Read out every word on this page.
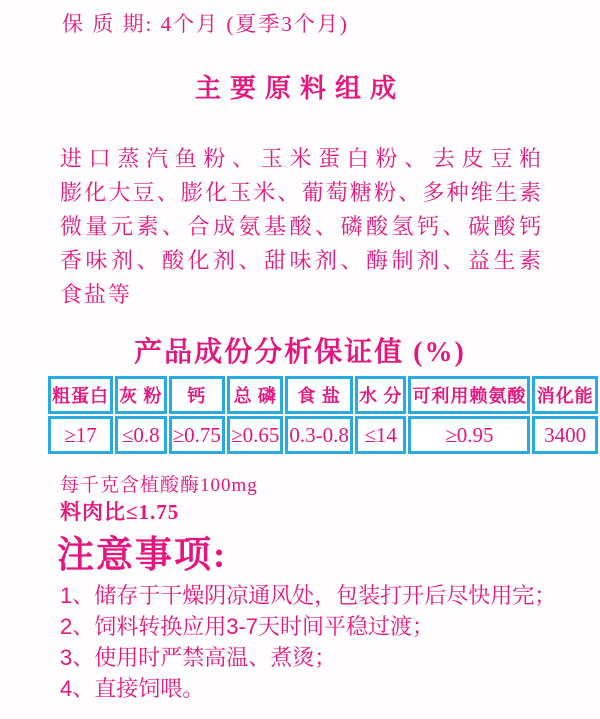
保 质 期: 4个月 (夏季3个月)
主要原料组成
进口蒸汽鱼粉、玉米蛋白粉、去皮豆粕
膨化大豆、膨化玉米、葡萄糖粉、多种维生素
微量元素、合成氨基酸、磷酸氢钙、碳酸钙
香味剂、酸化剂、甜味剂、酶制剂、益生素
食盐等
产品成份分析保证值 (%)
粗蛋白	灰 粉	钙	总 磷	食 盐	水 分	可利用赖氨酸	消化能
≥17	≤0.8	≥0.75	≥0.65	0.3-0.8	≤14	≥0.95	3400
每千克含植酸酶100mg
料肉比≤1.75
注意事项:
1、储存于干燥阴凉通风处，包装打开后尽快用完；
2、饲料转换应用3-7天时间平稳过渡；
3、使用时严禁高温、煮烫；
4、直接饲喂。
